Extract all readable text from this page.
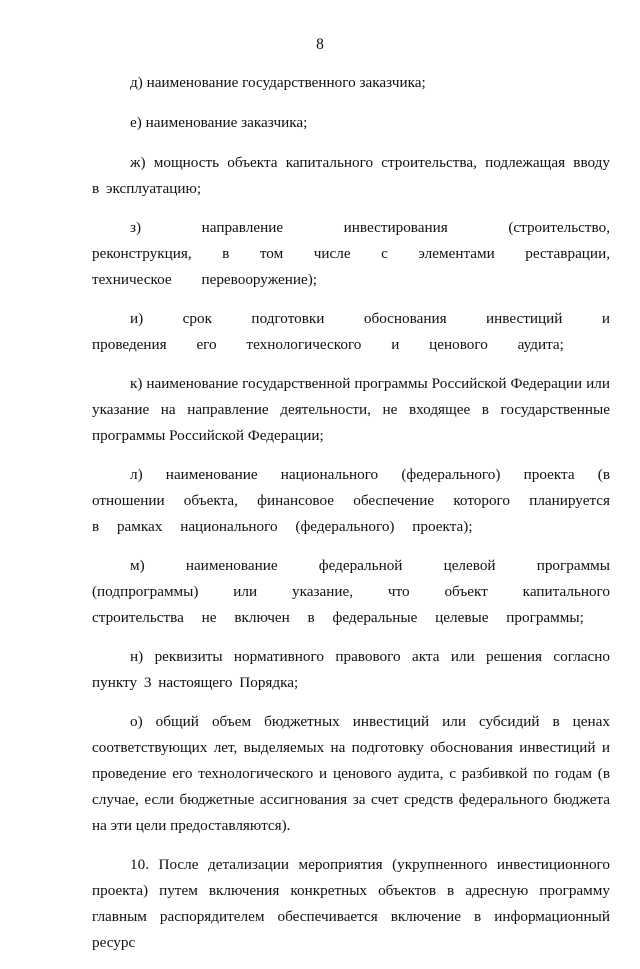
8

д) наименование государственного заказчика;

е) наименование заказчика;

ж) мощность объекта капитального строительства, подлежащая вводу в эксплуатацию;

з) направление инвестирования (строительство, реконструкция, в том числе с элементами реставрации, техническое перевооружение);

и) срок подготовки обоснования инвестиций и проведения его технологического и ценового аудита;

к) наименование государственной программы Российской Федерации или указание на направление деятельности, не входящее в государственные программы Российской Федерации;

л) наименование национального (федерального) проекта (в отношении объекта, финансовое обеспечение которого планируется в рамках национального (федерального) проекта);

м) наименование федеральной целевой программы (подпрограммы) или указание, что объект капитального строительства не включен в федеральные целевые программы;

н) реквизиты нормативного правового акта или решения согласно пункту 3 настоящего Порядка;

о) общий объем бюджетных инвестиций или субсидий в ценах соответствующих лет, выделяемых на подготовку обоснования инвестиций и проведение его технологического и ценового аудита, с разбивкой по годам (в случае, если бюджетные ассигнования за счет средств федерального бюджета на эти цели предоставляются).

10. После детализации мероприятия (укрупненного инвестиционного проекта) путем включения конкретных объектов в адресную программу главным распорядителем обеспечивается включение в информационный ресурс
